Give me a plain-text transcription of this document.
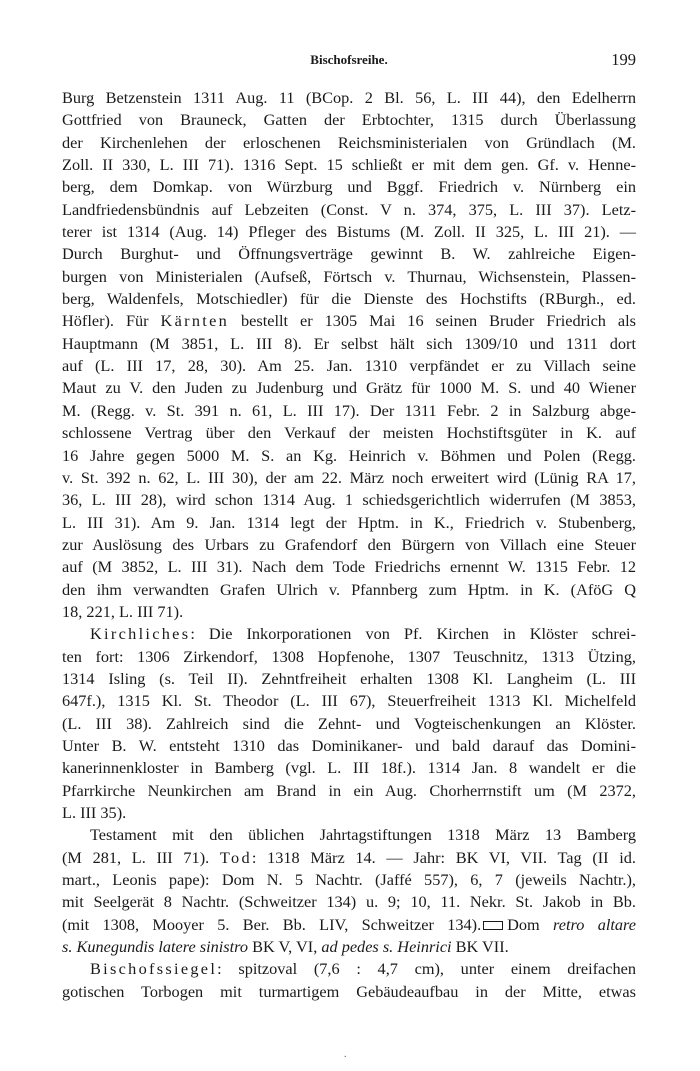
Bischofsreihe.	199
Burg Betzenstein 1311 Aug. 11 (BCop. 2 Bl. 56, L. III 44), den Edelherrn
Gottfried von Brauneck, Gatten der Erbtochter, 1315 durch Überlassung
der Kirchenlehen der erloschenen Reichsministerialen von Gründlach (M.
Zoll. II 330, L. III 71). 1316 Sept. 15 schließt er mit dem gen. Gf. v. Henne-
berg, dem Domkap. von Würzburg und Bggf. Friedrich v. Nürnberg ein
Landfriedensbündnis auf Lebzeiten (Const. V n. 374, 375, L. III 37). Letz-
terer ist 1314 (Aug. 14) Pfleger des Bistums (M. Zoll. II 325, L. III 21). —
Durch Burghut- und Öffnungsverträge gewinnt B. W. zahlreiche Eigen-
burgen von Ministerialen (Aufseß, Förtsch v. Thurnau, Wichsenstein, Plassen-
berg, Waldenfels, Motschiedler) für die Dienste des Hochstifts (RBurgh., ed.
Höfler). Für Kärnten bestellt er 1305 Mai 16 seinen Bruder Friedrich als
Hauptmann (M 3851, L. III 8). Er selbst hält sich 1309/10 und 1311 dort
auf (L. III 17, 28, 30). Am 25. Jan. 1310 verpfändet er zu Villach seine
Maut zu V. den Juden zu Judenburg und Grätz für 1000 M. S. und 40 Wiener
M. (Regg. v. St. 391 n. 61, L. III 17). Der 1311 Febr. 2 in Salzburg abge-
schlossene Vertrag über den Verkauf der meisten Hochstiftsgüter in K. auf
16 Jahre gegen 5000 M. S. an Kg. Heinrich v. Böhmen und Polen (Regg.
v. St. 392 n. 62, L. III 30), der am 22. März noch erweitert wird (Lünig RA 17,
36, L. III 28), wird schon 1314 Aug. 1 schiedsgerichtlich widerrufen (M 3853,
L. III 31). Am 9. Jan. 1314 legt der Hptm. in K., Friedrich v. Stubenberg,
zur Auslösung des Urbars zu Grafendorf den Bürgern von Villach eine Steuer
auf (M 3852, L. III 31). Nach dem Tode Friedrichs ernennt W. 1315 Febr. 12
den ihm verwandten Grafen Ulrich v. Pfannberg zum Hptm. in K. (AföG Q
18, 221, L. III 71).
Kirchliches: Die Inkorporationen von Pf. Kirchen in Klöster schrei-
ten fort: 1306 Zirkendorf, 1308 Hopfenohe, 1307 Teuschnitz, 1313 Ützing,
1314 Isling (s. Teil II). Zehntfreiheit erhalten 1308 Kl. Langheim (L. III
647f.), 1315 Kl. St. Theodor (L. III 67), Steuerfreiheit 1313 Kl. Michelfeld
(L. III 38). Zahlreich sind die Zehnt- und Vogteischenkungen an Klöster.
Unter B. W. entsteht 1310 das Dominikaner- und bald darauf das Domini-
kanerinnenkloster in Bamberg (vgl. L. III 18f.). 1314 Jan. 8 wandelt er die
Pfarrkirche Neunkirchen am Brand in ein Aug. Chorherrnstift um (M 2372,
L. III 35).
Testament mit den üblichen Jahrtagstiftungen 1318 März 13 Bamberg
(M 281, L. III 71). Tod: 1318 März 14. — Jahr: BK VI, VII. Tag (II id.
mart., Leonis pape): Dom N. 5 Nachtr. (Jaffé 557), 6, 7 (jeweils Nachtr.),
mit Seelgerät 8 Nachtr. (Schweitzer 134) u. 9; 10, 11. Nekr. St. Jakob in Bb.
(mit 1308, Mooyer 5. Ber. Bb. LIV, Schweitzer 134). Dom retro altare
s. Kunegundis latere sinistro BK V, VI, ad pedes s. Heinrici BK VII.
Bischofssiegel: spitzoval (7,6 : 4,7 cm), unter einem dreifachen
gotischen Torbogen mit turmartigem Gebäudeaufbau in der Mitte, etwas
.
